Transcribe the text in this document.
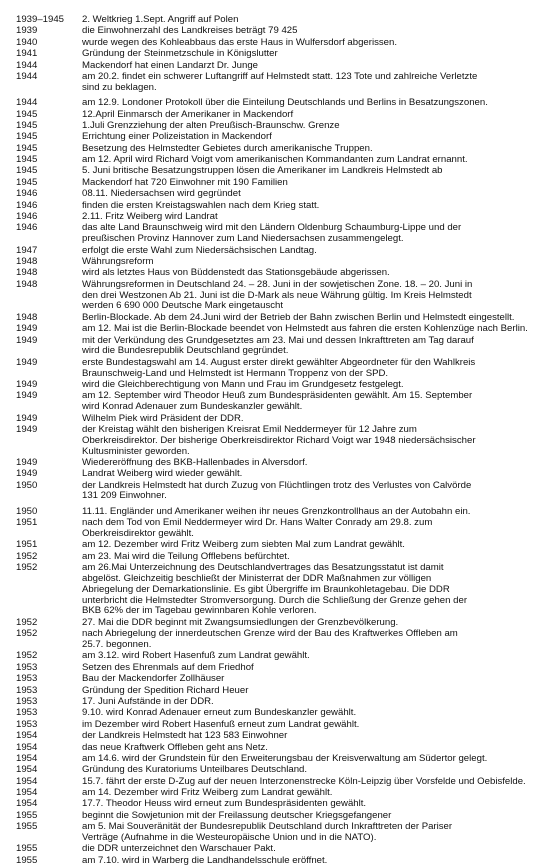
1939–1945	2. Weltkrieg 1.Sept. Angriff auf Polen
1939	die Einwohnerzahl des Landkreises beträgt 79 425
1940	wurde wegen des Kohleabbaus das erste Haus in Wulfersdorf abgerissen.
1941	Gründung der Steinmetzschule in Königslutter
1944	Mackendorf hat einen Landarzt Dr. Junge
1944	am 20.2. findet ein schwerer Luftangriff auf Helmstedt statt. 123 Tote und zahlreiche Verletzte
sind zu beklagen.
1944	am 12.9. Londoner Protokoll über die Einteilung Deutschlands und Berlins in Besatzungszonen.
1945	12.April Einmarsch der Amerikaner in Mackendorf
1945	1.Juli Grenzziehung der alten Preußisch-Braunschw. Grenze
1945	Errichtung einer Polizeistation in Mackendorf
1945	Besetzung des Helmstedter Gebietes durch amerikanische Truppen.
1945	am 12. April wird Richard Voigt vom amerikanischen Kommandanten zum Landrat ernannt.
1945	5. Juni britische Besatzungstruppen lösen die Amerikaner im Landkreis Helmstedt ab
1945	Mackendorf hat 720 Einwohner mit 190 Familien
1946	08.11. Niedersachsen wird gegründet
1946	finden die ersten Kreistagswahlen nach dem Krieg statt.
1946	2.11. Fritz Weiberg wird Landrat
1946	das alte Land Braunschweig wird mit den Ländern Oldenburg Schaumburg-Lippe und der
preußischen Provinz Hannover zum Land Niedersachsen zusammengelegt.
1947	erfolgt die erste Wahl zum Niedersächsischen Landtag.
1948	Währungsreform
1948	wird als letztes Haus von Büddenstedt das Stationsgebäude abgerissen.
1948	Währungsreformen in Deutschland 24. – 28. Juni in der sowjetischen Zone. 18. – 20. Juni in
den drei Westzonen Ab 21. Juni ist die D-Mark als neue Währung gültig. Im Kreis Helmstedt
werden 6 690 000 Deutsche Mark eingetauscht
1948	Berlin-Blockade. Ab dem 24.Juni wird der Betrieb der Bahn zwischen Berlin und Helmstedt eingestellt.
1949	am 12. Mai ist die Berlin-Blockade beendet von Helmstedt aus fahren die ersten Kohlenzüge nach Berlin.
1949	mit der Verkündung des Grundgesetztes am 23. Mai und dessen Inkrafttreten am Tag darauf
wird die Bundesrepublik Deutschland gegründet.
1949	erste Bundestagswahl am 14. August erster direkt gewählter Abgeordneter für den Wahlkreis
Braunschweig-Land und Helmstedt ist Hermann Troppenz von der SPD.
1949	wird die Gleichberechtigung von Mann und Frau im Grundgesetz festgelegt.
1949	am 12. September wird Theodor Heuß zum Bundespräsidenten gewählt. Am 15. September
wird Konrad Adenauer zum Bundeskanzler gewählt.
1949	Wilhelm Piek wird Präsident der DDR.
1949	der Kreistag wählt den bisherigen Kreisrat Emil Neddermeyer für 12 Jahre zum
Oberkreisdirektor. Der bisherige Oberkreisdirektor Richard Voigt war 1948 niedersächsischer
Kultusminister geworden.
1949	Wiedereröffnung des BKB-Hallenbades in Alversdorf.
1949	Landrat Weiberg wird wieder gewählt.
1950	der Landkreis Helmstedt hat durch Zuzug von Flüchtlingen trotz des Verlustes von Calvörde
131 209 Einwohner.
1950	11.11. Engländer und Amerikaner weihen ihr neues Grenzkontrollhaus an der Autobahn ein.
1951	nach dem Tod von Emil Neddermeyer wird Dr. Hans Walter Conrady am 29.8. zum
Oberkreisdirektor gewählt.
1951	am 12. Dezember wird Fritz Weiberg zum siebten Mal zum Landrat gewählt.
1952	am 23. Mai wird die Teilung Offlebens befürchtet.
1952	am 26.Mai Unterzeichnung des Deutschlandvertrages das Besatzungsstatut ist damit
abgelöst. Gleichzeitig beschließt der Ministerrat der DDR Maßnahmen zur völligen
Abriegelung der Demarkationslinie. Es gibt Übergriffe im Braunkohletagebau. Die DDR
unterbricht die Helmstedter Stromversorgung. Durch die Schließung der Grenze gehen der
BKB 62% der im Tagebau gewinnbaren Kohle verloren.
1952	27. Mai die DDR beginnt mit Zwangsumsiedlungen der Grenzbevölkerung.
1952	nach Abriegelung der innerdeutschen Grenze wird der Bau des Kraftwerkes Offleben am
25.7. begonnen.
1952	am 3.12. wird Robert Hasenfuß zum Landrat gewählt.
1953	Setzen des Ehrenmals auf dem Friedhof
1953	Bau der Mackendorfer Zollhäuser
1953	Gründung der Spedition Richard Heuer
1953	17. Juni Aufstände in der DDR.
1953	9.10. wird Konrad Adenauer erneut zum Bundeskanzler gewählt.
1953	im Dezember wird Robert Hasenfuß erneut zum Landrat gewählt.
1954	der Landkreis Helmstedt hat 123 583 Einwohner
1954	das neue Kraftwerk Offleben geht ans Netz.
1954	am 14.6. wird der Grundstein für den Erweiterungsbau der Kreisverwaltung am Südertor gelegt.
1954	Gründung des Kuratoriums Unteilbares Deutschland.
1954	15.7. fährt der erste D-Zug auf der neuen Interzonenstrecke Köln-Leipzig über Vorsfelde und Oebisfelde.
1954	am 14. Dezember wird Fritz Weiberg zum Landrat gewählt.
1954	17.7. Theodor Heuss wird erneut zum Bundespräsidenten gewählt.
1955	beginnt die Sowjetunion mit der Freilassung deutscher Kriegsgefangener
1955	am 5. Mai Souveränität der Bundesrepublik Deutschland durch Inkrafttreten der Pariser
Verträge (Aufnahme in die Westeuropäische Union und in die NATO).
1955	die DDR unterzeichnet den Warschauer Pakt.
1955	am 7.10. wird in Warberg die Landhandelsschule eröffnet.
